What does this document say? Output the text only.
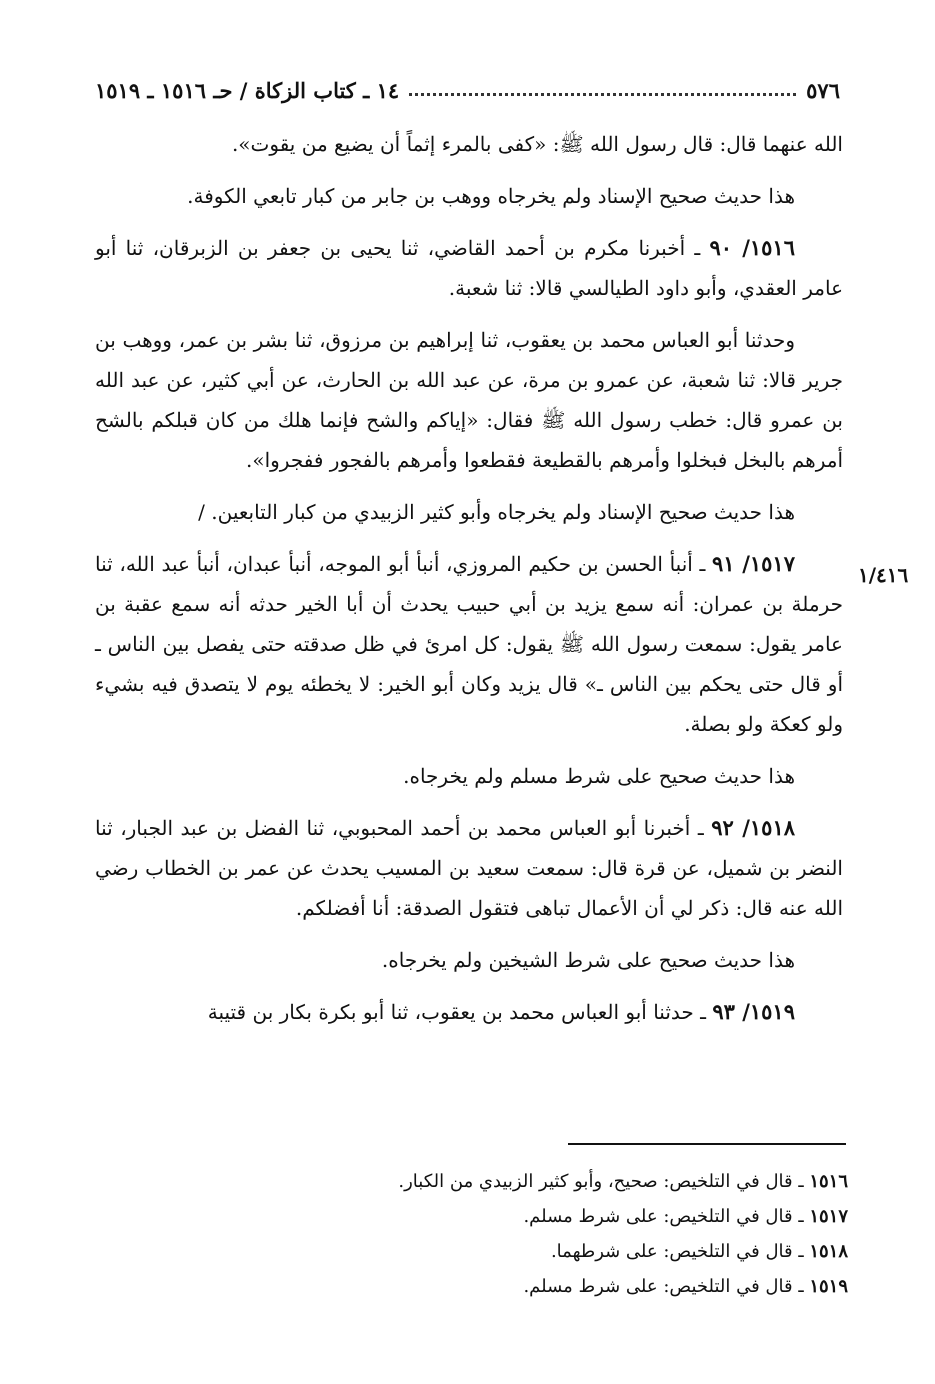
٥٧٦
١٤ ـ كتاب الزكاة / حـ ١٥١٦ ـ ١٥١٩

الله عنهما قال: قال رسول الله ﷺ: «كفى بالمرء إثماً أن يضيع من يقوت».

هذا حديث صحيح الإسناد ولم يخرجاه ووهب بن جابر من كبار تابعي الكوفة.

١٥١٦/ ٩٠ ـ أخبرنا مكرم بن أحمد القاضي، ثنا يحيى بن جعفر بن الزبرقان، ثنا أبو عامر العقدي، وأبو داود الطيالسي قالا: ثنا شعبة.

وحدثنا أبو العباس محمد بن يعقوب، ثنا إبراهيم بن مرزوق، ثنا بشر بن عمر، ووهب بن جرير قالا: ثنا شعبة، عن عمرو بن مرة، عن عبد الله بن الحارث، عن أبي كثير، عن عبد الله بن عمرو قال: خطب رسول الله ﷺ فقال: «إياكم والشح فإنما هلك من كان قبلكم بالشح أمرهم بالبخل فبخلوا وأمرهم بالقطيعة فقطعوا وأمرهم بالفجور ففجروا».

هذا حديث صحيح الإسناد ولم يخرجاه وأبو كثير الزبيدي من كبار التابعين. /

١٥١٧/ ٩١ ـ أنبأ الحسن بن حكيم المروزي، أنبأ أبو الموجه، أنبأ عبدان، أنبأ عبد الله، ثنا حرملة بن عمران: أنه سمع يزيد بن أبي حبيب يحدث أن أبا الخير حدثه أنه سمع عقبة بن عامر يقول: سمعت رسول الله ﷺ يقول: كل امرئ في ظل صدقته حتى يفصل بين الناس ـ أو قال حتى يحكم بين الناس ـ» قال يزيد وكان أبو الخير: لا يخطئه يوم لا يتصدق فيه بشيء ولو كعكة ولو بصلة.

هذا حديث صحيح على شرط مسلم ولم يخرجاه.

١٥١٨/ ٩٢ ـ أخبرنا أبو العباس محمد بن أحمد المحبوبي، ثنا الفضل بن عبد الجبار، ثنا النضر بن شميل، عن قرة قال: سمعت سعيد بن المسيب يحدث عن عمر بن الخطاب رضي الله عنه قال: ذكر لي أن الأعمال تباهى فتقول الصدقة: أنا أفضلكم.

هذا حديث صحيح على شرط الشيخين ولم يخرجاه.

١٥١٩/ ٩٣ ـ حدثنا أبو العباس محمد بن يعقوب، ثنا أبو بكرة بكار بن قتيبة

١/٤١٦
١٥١٦ ـ قال في التلخيص: صحيح، وأبو كثير الزبيدي من الكبار.
١٥١٧ ـ قال في التلخيص: على شرط مسلم.
١٥١٨ ـ قال في التلخيص: على شرطهما.
١٥١٩ ـ قال في التلخيص: على شرط مسلم.
